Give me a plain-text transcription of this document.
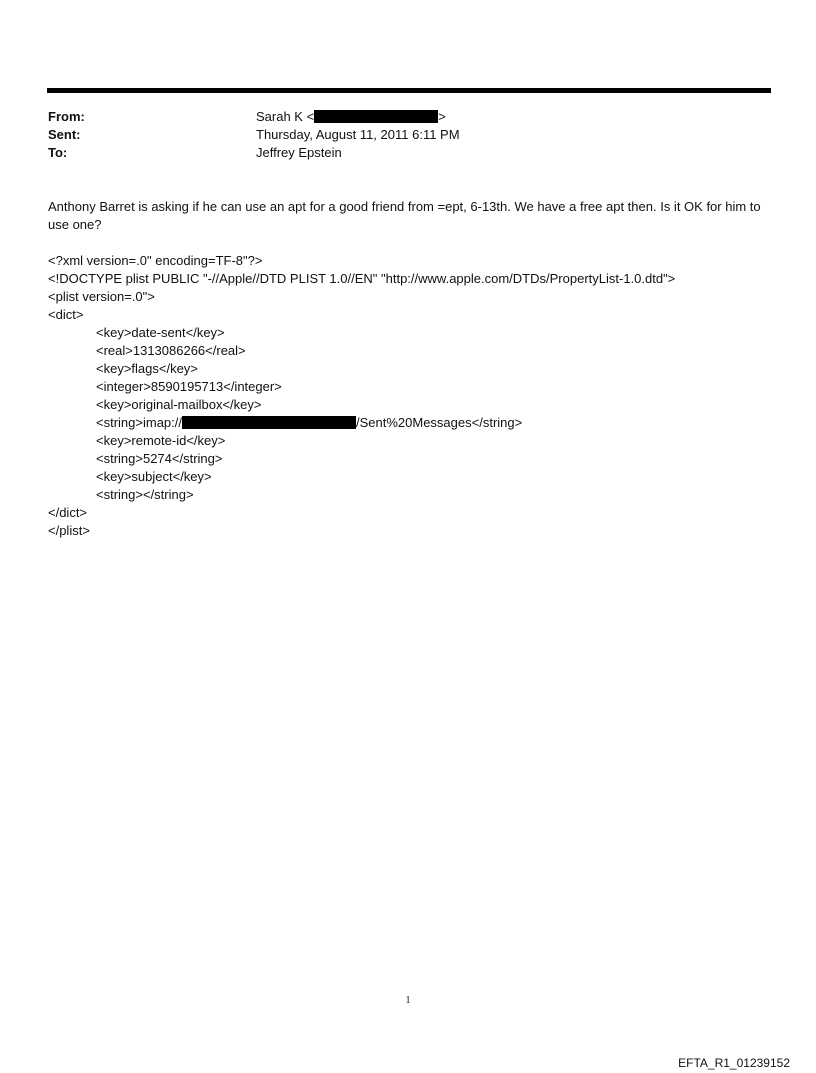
From:	Sarah K <	>
Sent:	Thursday, August 11, 2011 6:11 PM
To:	Jeffrey Epstein

Anthony Barret is asking if he can use an apt for a good friend from =ept, 6-13th. We have a free apt then. Is it OK for him to use one?

<?xml version=.0" encoding=TF-8"?>
<!DOCTYPE plist PUBLIC "-//Apple//DTD PLIST 1.0//EN" "http://www.apple.com/DTDs/PropertyList-1.0.dtd">
<plist version=.0">
<dict>
<key>date-sent</key>
<real>1313086266</real>
<key>flags</key>
<integer>8590195713</integer>
<key>original-mailbox</key>
<string>imap://	/Sent%20Messages</string>
<key>remote-id</key>
<string>5274</string>
<key>subject</key>
<string></string>
</dict>
</plist>
1
EFTA_R1_01239152
